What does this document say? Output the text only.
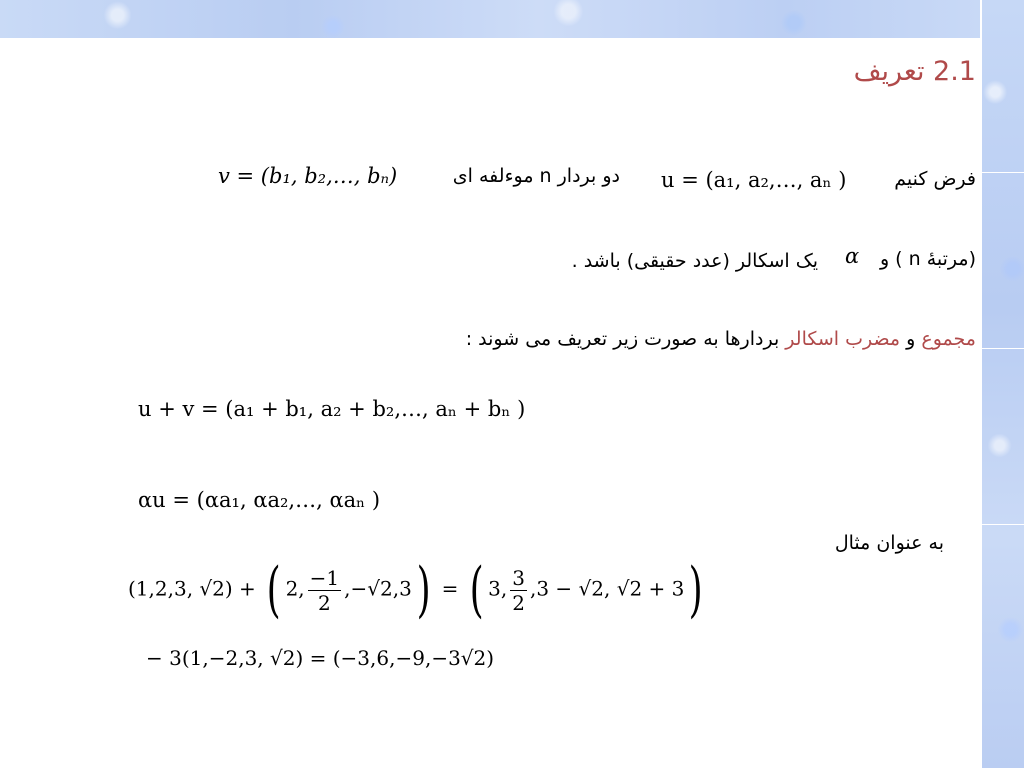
2.1 تعریف
فرض کنیم
u = (a₁, a₂,…, aₙ )
دو بردار n موءلفه ای
v = (b₁, b₂,…, bₙ)
(مرتبۀ n ) و
α
یک اسکالر (عدد حقیقی) باشد .
مجموع و مضرب اسکالر بردارها به صورت زیر تعریف می شوند :
u + v = (a₁ + b₁, a₂ + b₂,…, aₙ + bₙ )
αu = (αa₁, αa₂,…, αaₙ )
به عنوان مثال
(1,2,3, √2) + ( 2, $\frac{-1}{2} ,-√2,3$) = ( 3, $\frac{3}{2} ,3 - √2$, √2 + 3)
− 3(1,−2,3, √2) = (−3,6,−9,−3√2)
